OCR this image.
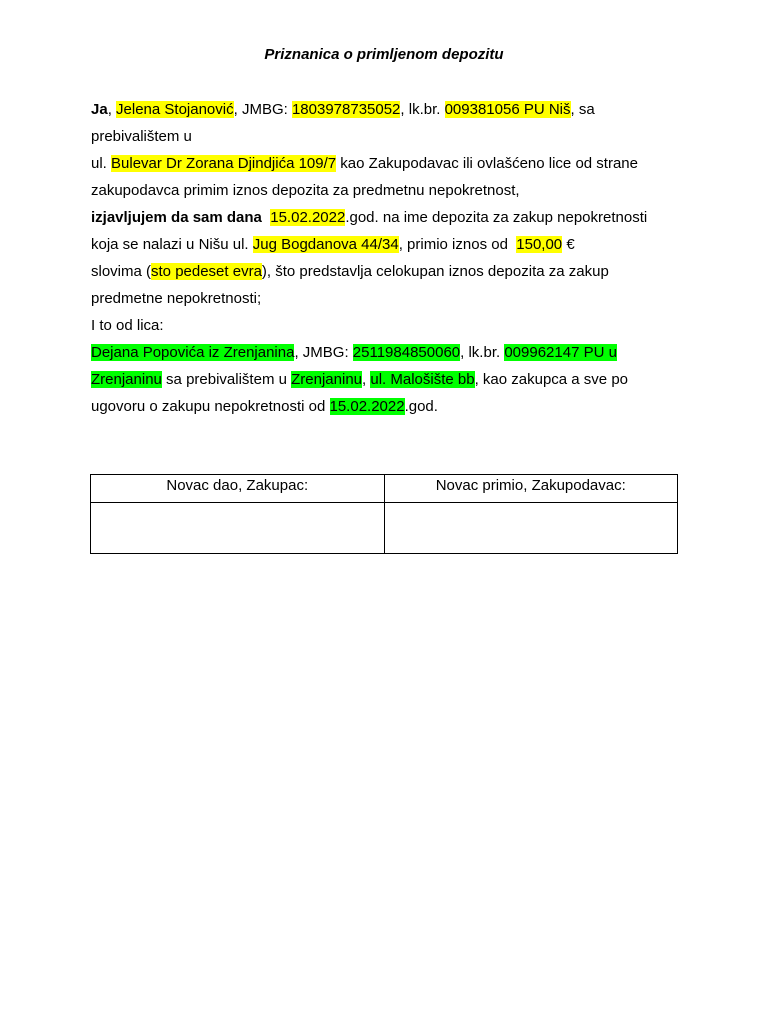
Priznanica o primljenom depozitu
Ja, Jelena Stojanović, JMBG: 1803978735052, lk.br. 009381056 PU Niš, sa
prebivalištem u
ul. Bulevar Dr Zorana Djindjića 109/7 kao Zakupodavac ili ovlašćeno lice od strane
zakupodavca primim iznos depozita za predmetnu nepokretnost,
izjavljujem da sam dana  15.02.2022.god. na ime depozita za zakup nepokretnosti
koja se nalazi u Nišu ul. Jug Bogdanova 44/34, primio iznos od  150,00 €
slovima (sto pedeset evra), što predstavlja celokupan iznos depozita za zakup
predmetne nepokretnosti;
I to od lica:
Dejana Popovića iz Zrenjanina, JMBG: 2511984850060, lk.br. 009962147 PU u
Zrenjaninu sa prebivalištem u Zrenjaninu, ul. Malošište bb, kao zakupca a sve po
ugovoru o zakupu nepokretnosti od 15.02.2022.god.
Novac dao, Zakupac:	Novac primio, Zakupodavac:
